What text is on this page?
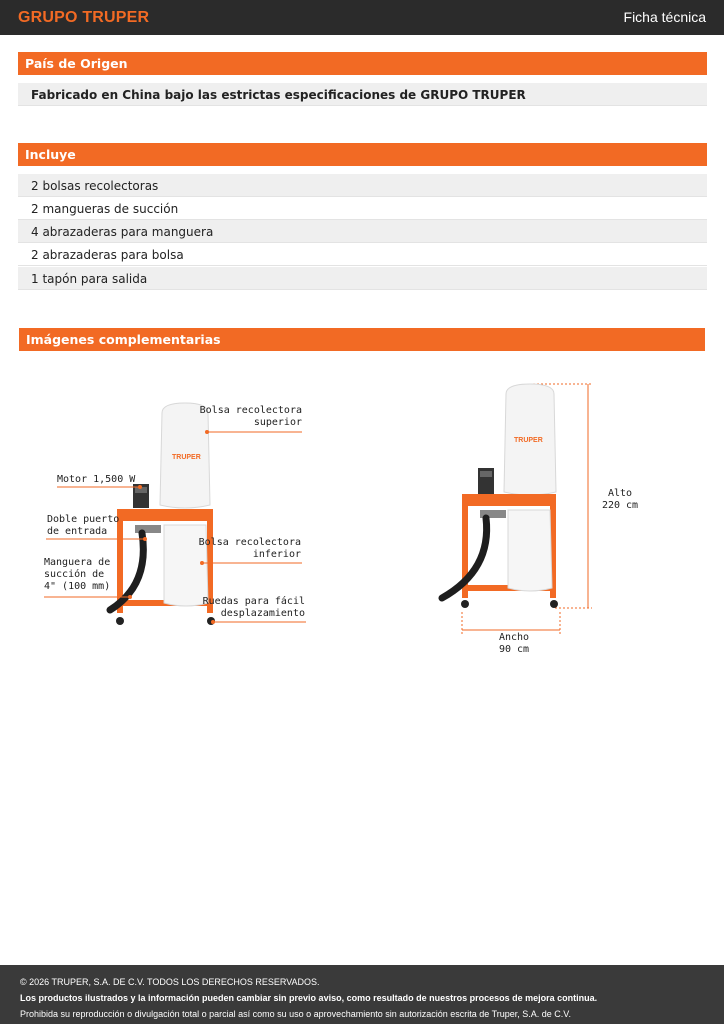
GRUPO TRUPER	Ficha técnica
País de Origen
Fabricado en China bajo las estrictas especificaciones de GRUPO TRUPER
Incluye
2 bolsas recolectoras
2 mangueras de succión
4 abrazaderas para manguera
2 abrazaderas para bolsa
1 tapón para salida
Imágenes complementarias
TRUPER
TRUPER
Bolsa recolectora
superior
Motor 1,500 W
Doble puerto
de entrada
Manguera de
succión de
4" (100 mm)
Bolsa recolectora
inferior
Ruedas para fácil
desplazamiento
Alto
220 cm
Ancho
90 cm
© 2026 TRUPER, S.A. DE C.V. TODOS LOS DERECHOS RESERVADOS.
Los productos ilustrados y la información pueden cambiar sin previo aviso, como resultado de nuestros procesos de mejora continua.
Prohibida su reproducción o divulgación total o parcial así como su uso o aprovechamiento sin autorización escrita de Truper, S.A. de C.V.
